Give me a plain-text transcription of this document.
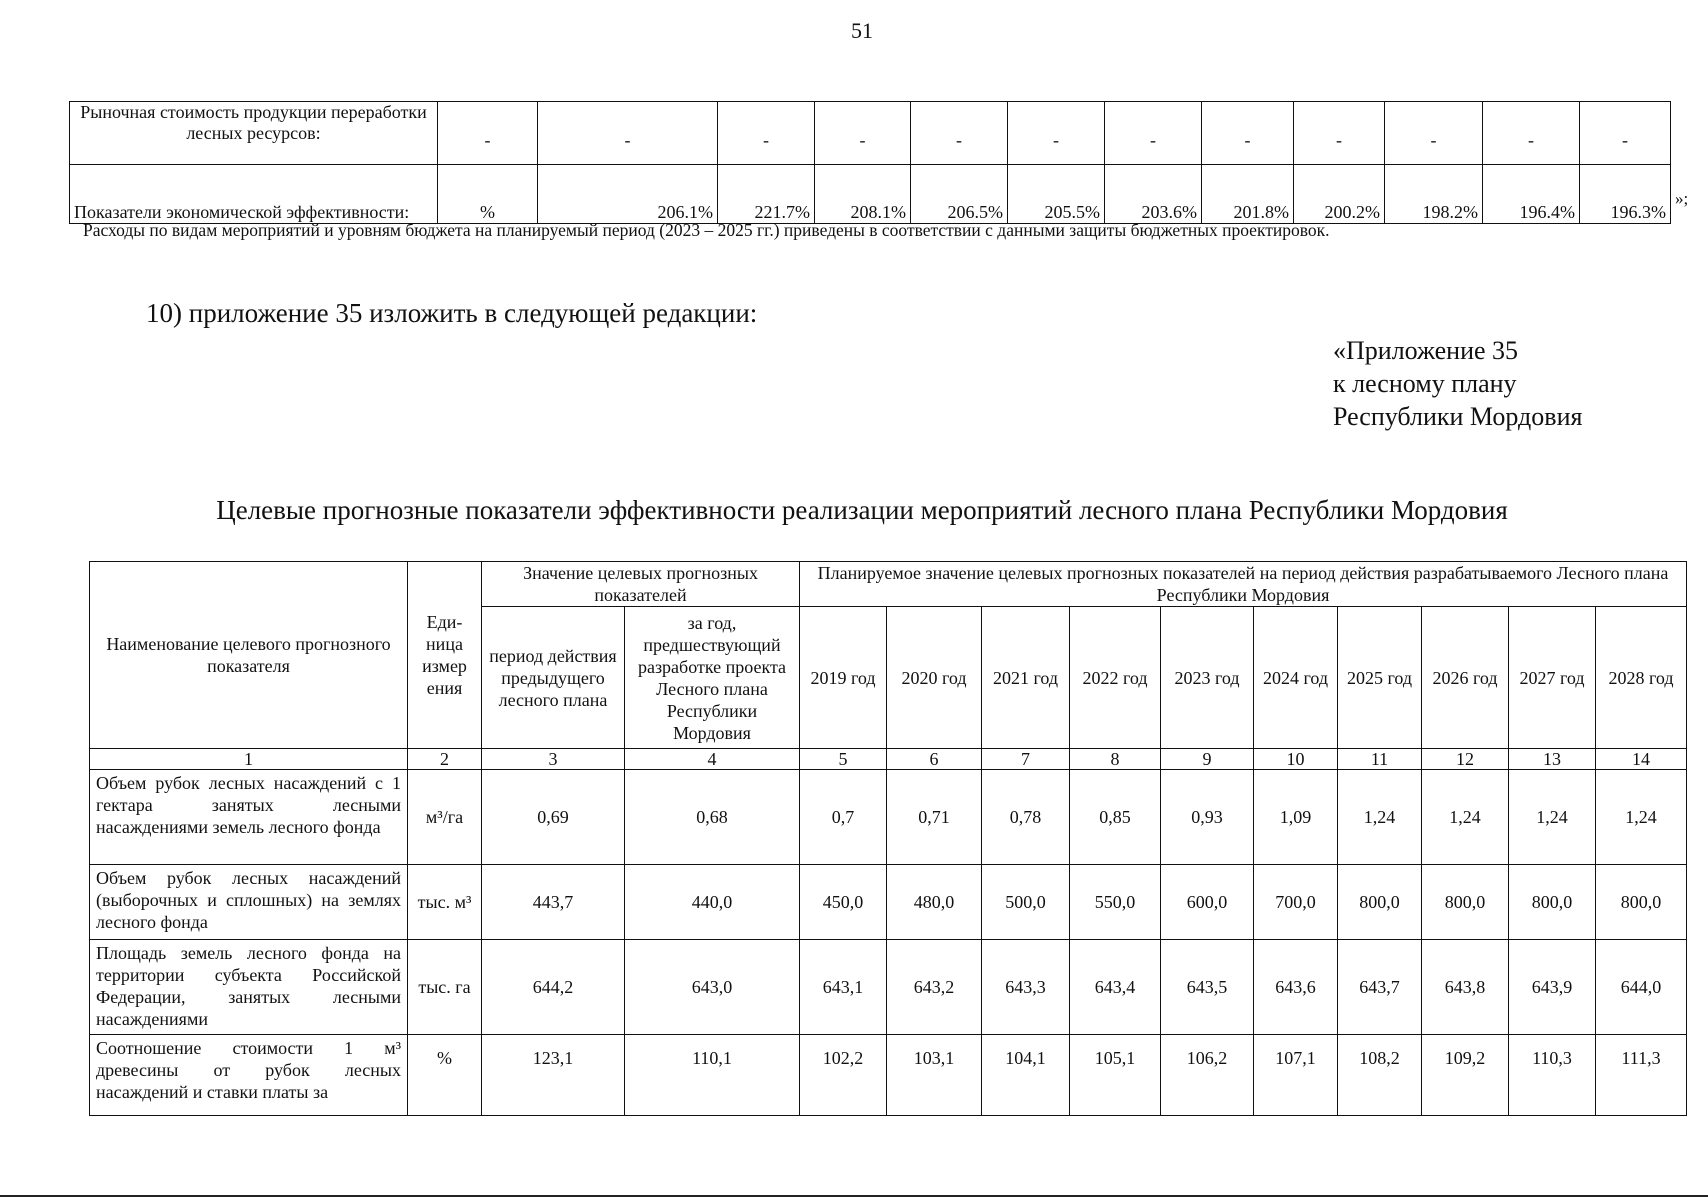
51
Рыночная стоимость продукции переработки лесных ресурсов:	-	-	-	-	-	-	-	-	-	-	-	-
Показатели экономической эффективности:	%	206.1%	221.7%	208.1%	206.5%	205.5%	203.6%	201.8%	200.2%	198.2%	196.4%	196.3%
»;
Расходы по видам мероприятий и уровням бюджета на планируемый период (2023 – 2025 гг.) приведены в соответствии с данными защиты бюджетных проектировок.
10) приложение 35 изложить в следующей редакции:
«Приложение 35
к лесному плану
Республики Мордовия
Целевые прогнозные показатели эффективности реализации мероприятий лесного плана Республики Мордовия
Наименование целевого прогнозного показателя	Еди-ница измер ения	Значение целевых прогнозных показателей		Планируемое значение целевых прогнозных показателей на период действия разрабатываемого Лесного плана Республики Мордовия									
		период действия предыдущего лесного плана	за год, предшествующий разработке проекта Лесного плана Республики Мордовия	2019 год	2020 год	2021 год	2022 год	2023 год	2024 год	2025 год	2026 год	2027 год	2028 год
1	2	3	4	5	6	7	8	9	10	11	12	13	14
Объем рубок лесных насаждений с 1 гектара занятых лесными насаждениями земель лесного фонда	м³/га	0,69	0,68	0,7	0,71	0,78	0,85	0,93	1,09	1,24	1,24	1,24	1,24
Объем рубок лесных насаждений (выборочных и сплошных) на землях лесного фонда	тыс. м³	443,7	440,0	450,0	480,0	500,0	550,0	600,0	700,0	800,0	800,0	800,0	800,0
Площадь земель лесного фонда на территории субъекта Российской Федерации, занятых лесными насаждениями	тыс. га	644,2	643,0	643,1	643,2	643,3	643,4	643,5	643,6	643,7	643,8	643,9	644,0
Соотношение стоимости 1 м³ древесины от рубок лесных насаждений и ставки платы за	%	123,1	110,1	102,2	103,1	104,1	105,1	106,2	107,1	108,2	109,2	110,3	111,3
